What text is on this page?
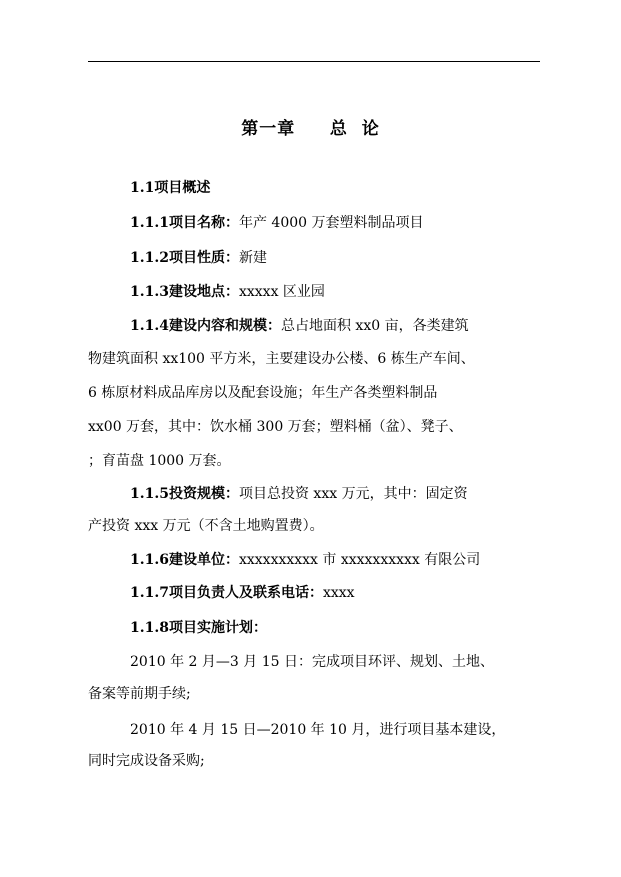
第一章     总  论
1.1项目概述
1.1.1项目名称：年产 4000 万套塑料制品项目
1.1.2项目性质：新建
1.1.3建设地点：xxxxx 区业园
1.1.4建设内容和规模：总占地面积 xx0 亩，各类建筑
物建筑面积 xx100 平方米，主要建设办公楼、6 栋生产车间、
6 栋原材料成品库房以及配套设施；年生产各类塑料制品
xx00 万套，其中：饮水桶 300 万套；塑料桶（盆）、凳子、
；育苗盘 1000 万套。
1.1.5投资规模：项目总投资 xxx 万元，其中：固定资
产投资 xxx 万元（不含土地购置费）。
1.1.6建设单位：xxxxxxxxxx 市 xxxxxxxxxx 有限公司
1.1.7项目负责人及联系电话：xxxx
1.1.8项目实施计划：
2010 年 2 月—3 月 15 日：完成项目环评、规划、土地、
备案等前期手续;
2010 年 4 月 15 日—2010 年 10 月，进行项目基本建设，
同时完成设备采购;
